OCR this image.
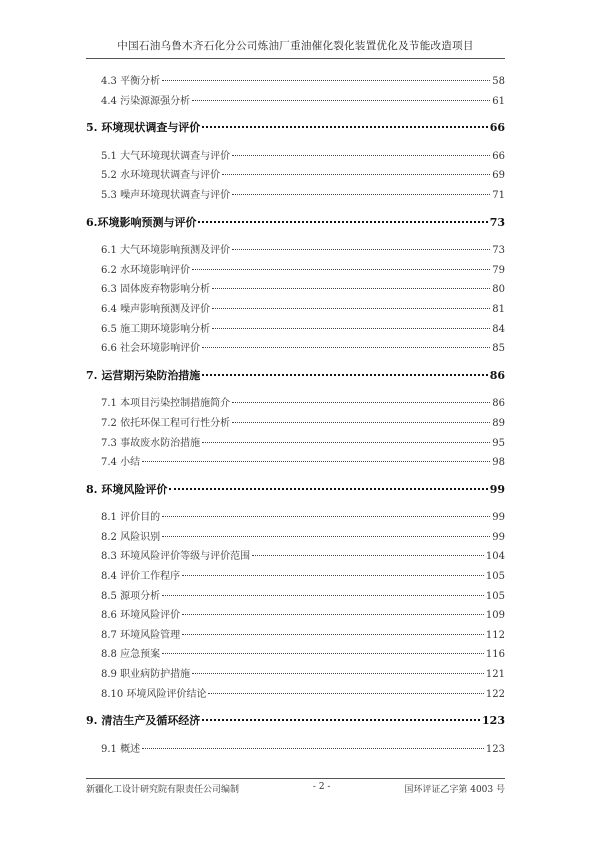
中国石油乌鲁木齐石化分公司炼油厂重油催化裂化装置优化及节能改造项目
4.3 平衡分析	58
4.4 污染源源强分析	61
5. 环境现状调查与评价	66
5.1 大气环境现状调查与评价	66
5.2 水环境现状调查与评价	69
5.3 噪声环境现状调查与评价	71
6.环境影响预测与评价	73
6.1 大气环境影响预测及评价	73
6.2 水环境影响评价	79
6.3 固体废弃物影响分析	80
6.4 噪声影响预测及评价	81
6.5 施工期环境影响分析	84
6.6 社会环境影响评价	85
7. 运营期污染防治措施	86
7.1 本项目污染控制措施简介	86
7.2 依托环保工程可行性分析	89
7.3 事故废水防治措施	95
7.4 小结	98
8. 环境风险评价	99
8.1 评价目的	99
8.2 风险识别	99
8.3 环境风险评价等级与评价范围	104
8.4 评价工作程序	105
8.5 源项分析	105
8.6 环境风险评价	109
8.7 环境风险管理	112
8.8 应急预案	116
8.9 职业病防护措施	121
8.10 环境风险评价结论	122
9. 清洁生产及循环经济	123
9.1 概述	123
新疆化工设计研究院有限责任公司编制	- 2 -	国环评证乙字第 4003 号
